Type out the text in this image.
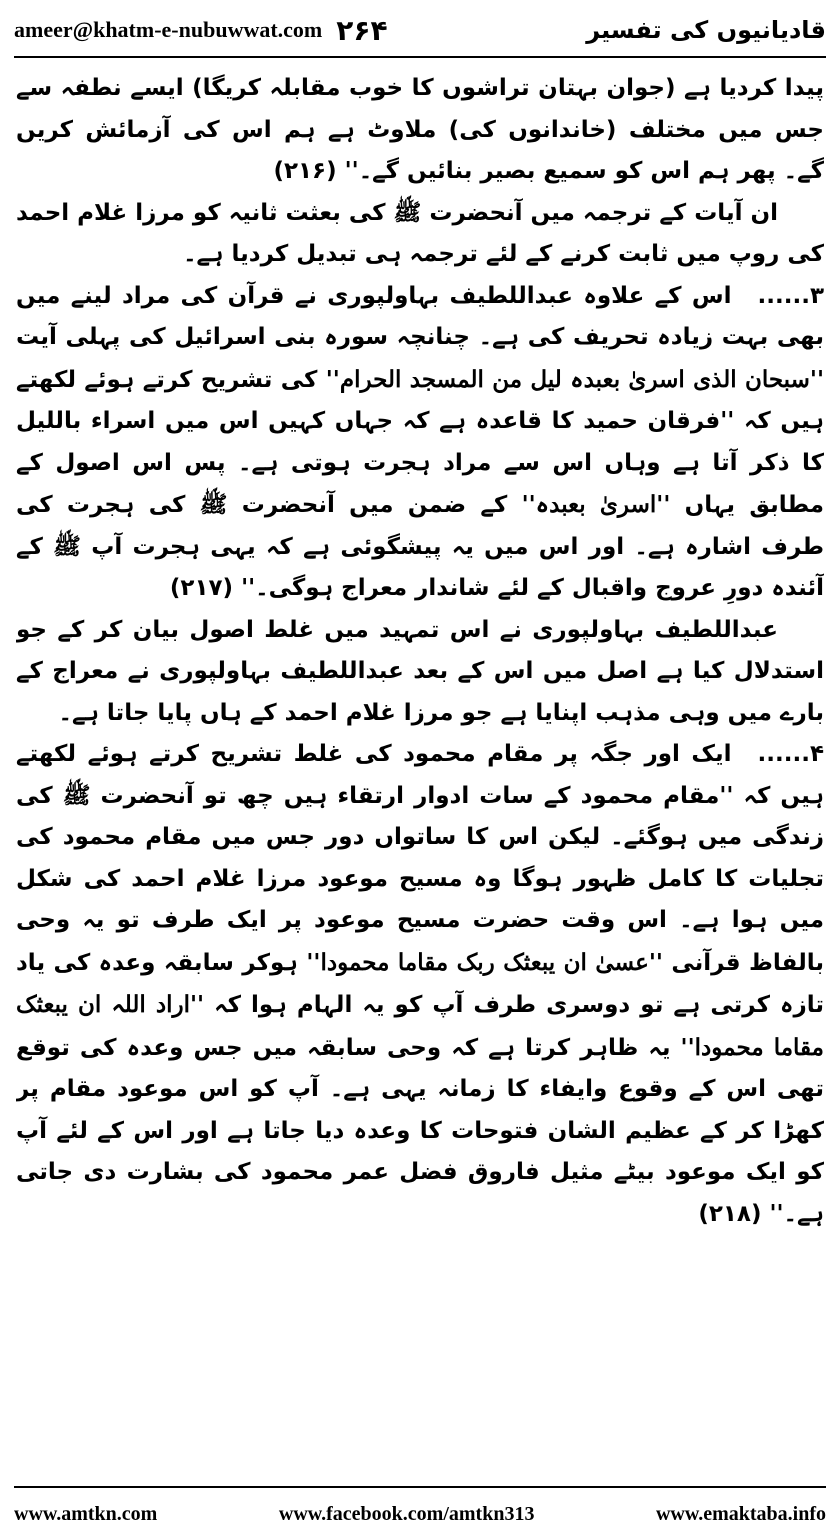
ameer@khatm-e-nubuwwat.com ۲۶۴	قادیانیوں کی تفسیر

پیدا کردیا ہے (جوان بہتان تراشوں کا خوب مقابلہ کریگا) ایسے نطفہ سے جس میں مختلف (خاندانوں کی) ملاوٹ ہے ہم اس کی آزمائش کریں گے۔ پھر ہم اس کو سمیع بصیر بنائیں گے۔'' (۲۱۶)

ان آیات کے ترجمہ میں آنحضرت ﷺ کی بعثت ثانیہ کو مرزا غلام احمد کی روپ میں ثابت کرنے کے لئے ترجمہ ہی تبدیل کردیا ہے۔

۳......اس کے علاوہ عبداللطیف بہاولپوری نے قرآن کی مراد لینے میں بھی بہت زیادہ تحریف کی ہے۔ چنانچہ سورہ بنی اسرائیل کی پہلی آیت ''سبحان الذی اسریٰ بعبدہ لیل من المسجد الحرام'' کی تشریح کرتے ہوئے لکھتے ہیں کہ ''فرقان حمید کا قاعدہ ہے کہ جہاں کہیں اس میں اسراء باللیل کا ذکر آتا ہے وہاں اس سے مراد ہجرت ہوتی ہے۔ پس اس اصول کے مطابق یہاں ''اسریٰ بعبدہ'' کے ضمن میں آنحضرت ﷺ کی ہجرت کی طرف اشارہ ہے۔ اور اس میں یہ پیشگوئی ہے کہ یہی ہجرت آپ ﷺ کے آئندہ دورِ عروج واقبال کے لئے شاندار معراج ہوگی۔'' (۲۱۷)

عبداللطیف بہاولپوری نے اس تمہید میں غلط اصول بیان کر کے جو استدلال کیا ہے اصل میں اس کے بعد عبداللطیف بہاولپوری نے معراج کے بارے میں وہی مذہب اپنایا ہے جو مرزا غلام احمد کے ہاں پایا جاتا ہے۔

۴......ایک اور جگہ پر مقام محمود کی غلط تشریح کرتے ہوئے لکھتے ہیں کہ ''مقام محمود کے سات ادوار ارتقاء ہیں چھ تو آنحضرت ﷺ کی زندگی میں ہوگئے۔ لیکن اس کا ساتواں دور جس میں مقام محمود کی تجلیات کا کامل ظہور ہوگا وہ مسیح موعود مرزا غلام احمد کی شکل میں ہوا ہے۔ اس وقت حضرت مسیح موعود پر ایک طرف تو یہ وحی بالفاظ قرآنی ''عسیٰ ان یبعثک ربک مقاما محمودا'' ہوکر سابقہ وعدہ کی یاد تازہ کرتی ہے تو دوسری طرف آپ کو یہ الہام ہوا کہ ''اراد اللہ ان یبعثک مقاما محمودا'' یہ ظاہر کرتا ہے کہ وحی سابقہ میں جس وعدہ کی توقع تھی اس کے وقوع وایفاء کا زمانہ یہی ہے۔ آپ کو اس موعود مقام پر کھڑا کر کے عظیم الشان فتوحات کا وعدہ دیا جاتا ہے اور اس کے لئے آپ کو ایک موعود بیٹے مثیل فاروق فضل عمر محمود کی بشارت دی جاتی ہے۔'' (۲۱۸)

www.amtkn.com	www.facebook.com/amtkn313	www.emaktaba.info
